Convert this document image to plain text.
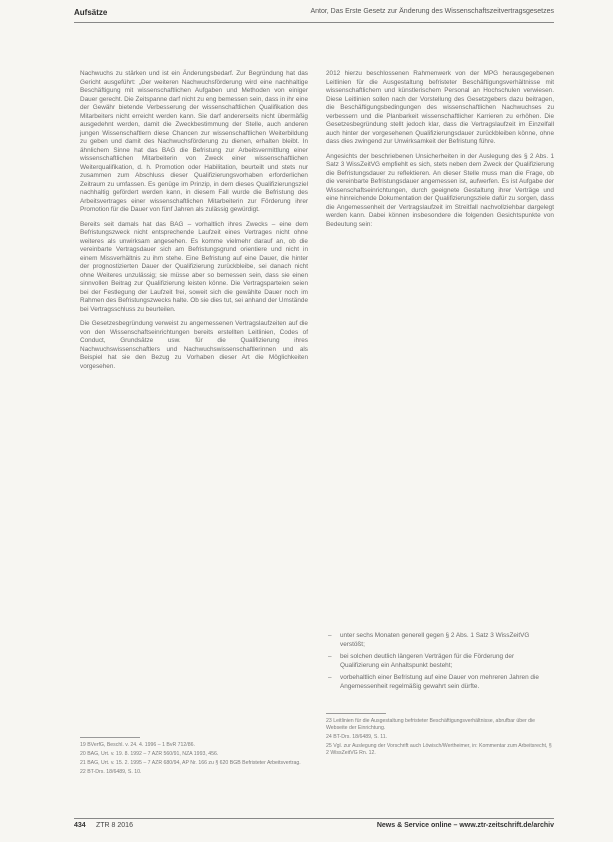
Aufsätze	Antor, Das Erste Gesetz zur Änderung des Wissenschaftszeitvertragsgesetzes

Nachwuchs zu stärken und ist ein Änderungsbedarf. Zur Begründung hat das Gericht ausgeführt: „Der weiteren Nachwuchsförderung wird eine nachhaltige Beschäftigung mit wissenschaftlichen Aufgaben und Methoden von einiger Dauer gerecht. Die Zeitspanne darf nicht zu eng bemessen sein, dass in ihr eine der Gewähr bietende Verbesserung der wissenschaftlichen Qualifikation des Mitarbeiters nicht erreicht werden kann. Sie darf andererseits nicht übermäßig ausgedehnt werden, damit die Zweckbestimmung der Stelle, auch anderen jungen Wissenschaftlern diese Chancen zur wissenschaftlichen Weiterbildung zu geben und damit des Nachwuchsförderung zu dienen, erhalten bleibt. In ähnlichem Sinne hat das BAG die Befristung zur Arbeitsvermittlung einer wissenschaftlichen Mitarbeiterin von Zweck einer wissenschaftlichen Weiterqualifikation, d. h. Promotion oder Habilitation, beurteilt und stets nur zusammen zum Abschluss dieser Qualifizierungsvorhaben erforderlichen Zeitraum zu umfassen. Es genüge im Prinzip, in dem dieses Qualifizierungsziel nachhaltig gefördert werden kann, in diesem Fall wurde die Befristung des Arbeitsvertrages einer wissenschaftlichen Mitarbeiterin zur Förderung ihrer Promotion für die Dauer von fünf Jahren als zulässig gewürdigt.

Bereits seit damals hat das BAG – vorhaltlich ihres Zwecks – eine dem Befristungszweck nicht entsprechende Laufzeit eines Vertrages nicht ohne weiteres als unwirksam angesehen. Es komme vielmehr darauf an, ob die vereinbarte Vertragsdauer sich am Befristungsgrund orientiere und nicht in einem Missverhältnis zu ihm stehe. Eine Befristung auf eine Dauer, die hinter der prognostizierten Dauer der Qualifizierung zurückbleibe, sei danach nicht ohne Weiteres unzulässig; sie müsse aber so bemessen sein, dass sie einen sinnvollen Beitrag zur Qualifizierung leisten könne. Die Vertragsparteien seien bei der Festlegung der Laufzeit frei, soweit sich die gewählte Dauer noch im Rahmen des Befristungszwecks halte. Ob sie dies tut, sei anhand der Umstände bei Vertragsschluss zu beurteilen.

Die Gesetzesbegründung verweist zu angemessenen Vertragslaufzeiten auf die von den Wissenschaftseinrichtungen bereits erstellten Leitlinien, Codes of Conduct, Grundsätze usw. für die Qualifizierung ihres Nachwuchswissenschaftlers und Nachwuchswissenschaftlerinnen und als Beispiel hat sie den Bezug zu Vorhaben dieser Art die Möglichkeiten vorgesehen.

2012 hierzu beschlossenen Rahmenwerk von der MPG herausgegebenen Leitlinien für die Ausgestaltung befristeter Beschäftigungsverhältnisse mit wissenschaftlichem und künstlerischem Personal an Hochschulen verwiesen. Diese Leitlinien sollen nach der Vorstellung des Gesetzgebers dazu beitragen, die Beschäftigungsbedingungen des wissenschaftlichen Nachwuchses zu verbessern und die Planbarkeit wissenschaftlicher Karrieren zu erhöhen. Die Gesetzesbegründung stellt jedoch klar, dass die Vertragslaufzeit im Einzelfall auch hinter der vorgesehenen Qualifizierungsdauer zurückbleiben könne, ohne dass dies zwingend zur Unwirksamkeit der Befristung führe.

Angesichts der beschriebenen Unsicherheiten in der Auslegung des § 2 Abs. 1 Satz 3 WissZeitVG empfiehlt es sich, stets neben dem Zweck der Qualifizierung die Befristungsdauer zu reflektieren. An dieser Stelle muss man die Frage, ob die vereinbarte Befristungsdauer angemessen ist, aufwerfen. Es ist Aufgabe der Wissenschaftseinrichtungen, durch geeignete Gestaltung ihrer Verträge und eine hinreichende Dokumentation der Qualifizierungsziele dafür zu sorgen, dass die Angemessenheit der Vertragslaufzeit im Streitfall nachvollziehbar dargelegt werden kann. Dabei können insbesondere die folgenden Gesichtspunkte von Bedeutung sein:

– unter sechs Monaten generell gegen § 2 Abs. 1 Satz 3 WissZeitVG verstößt;
– bei solchen deutlich längeren Verträgen für die Förderung der Qualifizierung ein Anhaltspunkt besteht;
– vorbehaltlich einer Befristung auf eine Dauer von mehreren Jahren die Angemessenheit regelmäßig gewahrt sein dürfte.
19 BVerfG, Beschl. v. 24. 4. 1996 – 1 BvR 712/86.
20 BAG, Urt. v. 19. 8. 1992 – 7 AZR 560/91, NZA 1993, 456.
21 BAG, Urt. v. 15. 2. 1995 – 7 AZR 680/94, AP Nr. 166 zu § 620 BGB Befristeter Arbeitsvertrag.
22 BT-Drs. 18/6489, S. 10.
23 Leitlinien für die Ausgestaltung befristeter Beschäftigungsverhältnisse, abrufbar über die Webseite der Einrichtung.
24 BT-Drs. 18/6489, S. 11.
25 Vgl. zur Auslegung der Vorschrift auch Löwisch/Wertheimer, in: Kommentar zum Arbeitsrecht, § 2 WissZeitVG Rn. 12.
434 ZTR 8 2016	News & Service online – www.ztr-zeitschrift.de/archiv
